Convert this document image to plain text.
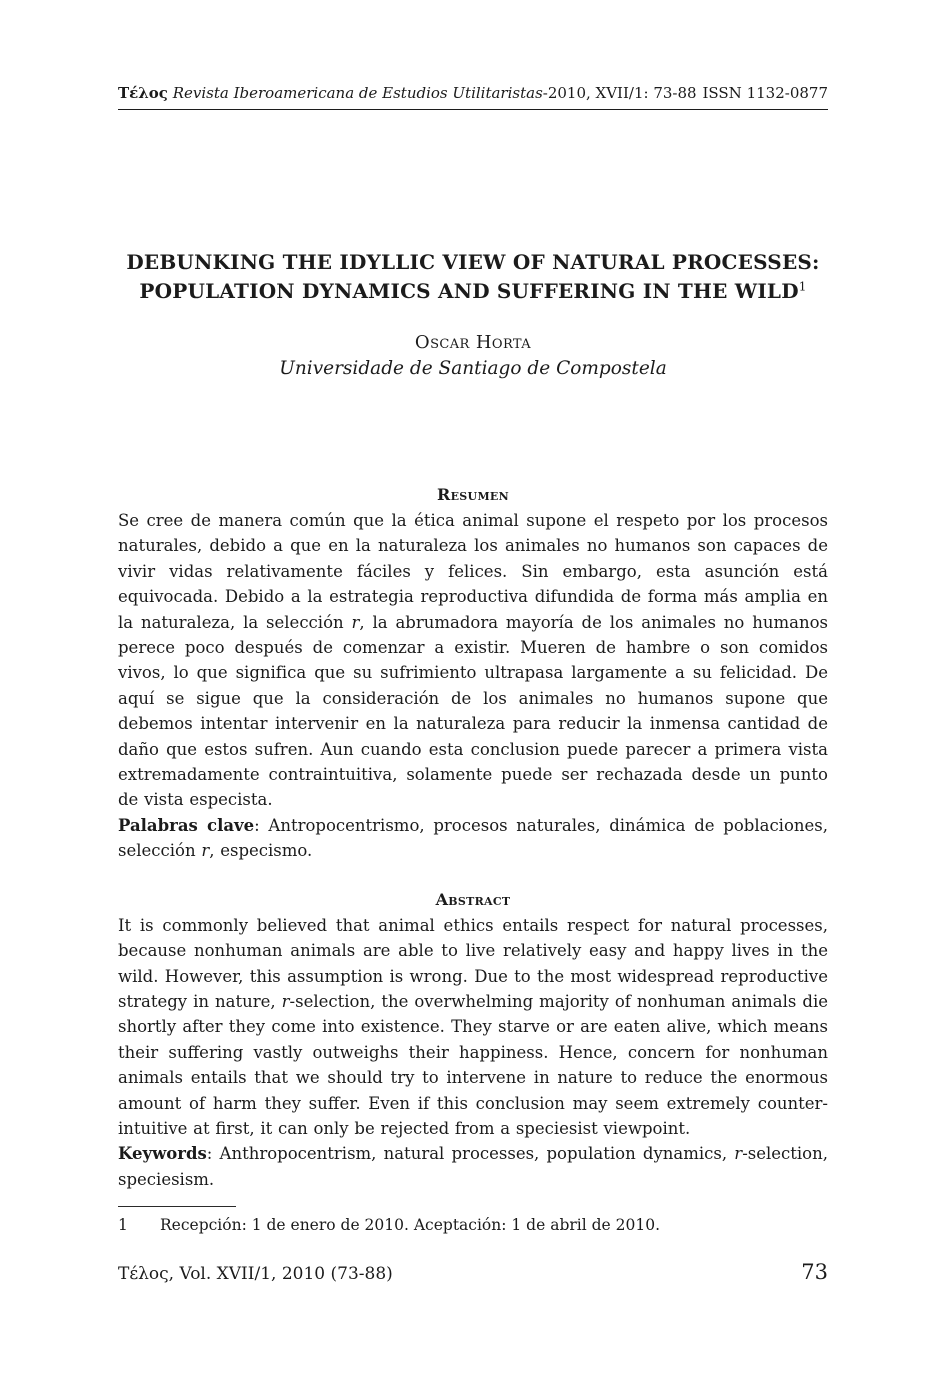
Τέλος Revista Iberoamericana de Estudios Utilitaristas-2010, XVII/1: 73-88 ISSN 1132-0877
DEBUNKING THE IDYLLIC VIEW OF NATURAL PROCESSES:
POPULATION DYNAMICS AND SUFFERING IN THE WILD$^1$
Oscar Horta
Universidade de Santiago de Compostela
Resumen

Se cree de manera común que la ética animal supone el respeto por los procesos naturales, debido a que en la naturaleza los animales no humanos son capaces de vivir vidas relativamente fáciles y felices. Sin embargo, esta asunción está equivocada. Debido a la estrategia reproductiva difundida de forma más amplia en la naturaleza, la selección r, la abrumadora mayoría de los animales no humanos perece poco después de comenzar a existir. Mueren de hambre o son comidos vivos, lo que significa que su sufrimiento ultrapasa largamente a su felicidad. De aquí se sigue que la consideración de los animales no humanos supone que debemos intentar intervenir en la naturaleza para reducir la inmensa cantidad de daño que estos sufren. Aun cuando esta conclusion puede parecer a primera vista extremadamente contraintuitiva, solamente puede ser rechazada desde un punto de vista especista.

Palabras clave: Antropocentrismo, procesos naturales, dinámica de poblaciones, selección r, especismo.

Abstract

It is commonly believed that animal ethics entails respect for natural processes, because nonhuman animals are able to live relatively easy and happy lives in the wild. However, this assumption is wrong. Due to the most widespread reproductive strategy in nature, r-selection, the overwhelming majority of nonhuman animals die shortly after they come into existence. They starve or are eaten alive, which means their suffering vastly outweighs their happiness. Hence, concern for nonhuman animals entails that we should try to intervene in nature to reduce the enormous amount of harm they suffer. Even if this conclusion may seem extremely counter-intuitive at first, it can only be rejected from a speciesist viewpoint.

Keywords: Anthropocentrism, natural processes, population dynamics, r-selection, speciesism.

1	Recepción: 1 de enero de 2010. Aceptación: 1 de abril de 2010.
Τέλος, Vol. XVII/1, 2010 (73-88)	73
